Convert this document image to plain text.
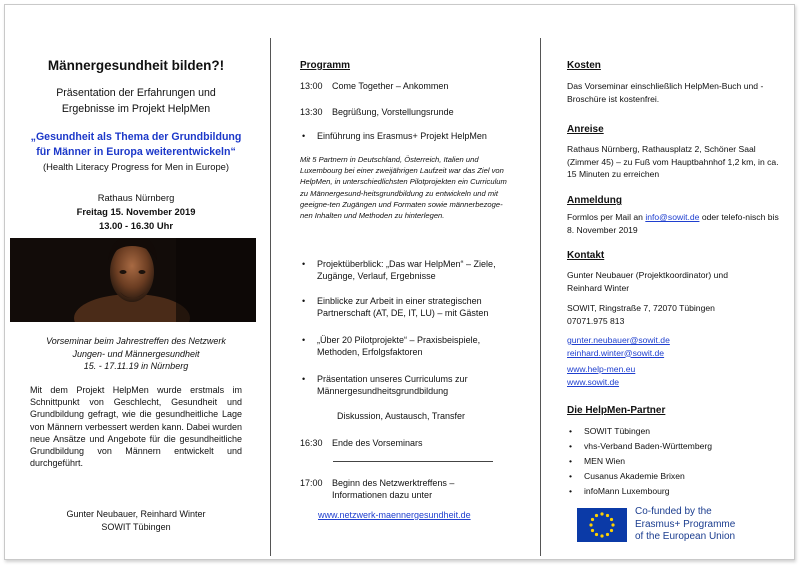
Männergesundheit bilden?!
Präsentation der Erfahrungen und
Ergebnisse im Projekt HelpMen
„Gesundheit als Thema der Grundbildung
für Männer in Europa weiterentwickeln“
(Health Literacy Progress for Men in Europe)
Rathaus Nürnberg
Freitag 15. November 2019
13.00 - 16.30 Uhr
Vorseminar beim Jahrestreffen des Netzwerk
Jungen- und Männergesundheit
15. - 17.11.19 in Nürnberg
Mit dem Projekt HelpMen wurde erstmals im Schnittpunkt von Geschlecht, Gesundheit und Grundbildung gefragt, wie die gesundheitliche Lage von Männern verbessert werden kann. Dabei wurden neue Ansätze und Angebote für die gesundheitliche Grundbildung von Männern entwickelt und durchgeführt.
Gunter Neubauer, Reinhard Winter
SOWIT Tübingen
Programm
13:00 Come Together – Ankommen
13:30 Begrüßung, Vorstellungsrunde
• Einführung ins Erasmus+ Projekt HelpMen
Mit 5 Partnern in Deutschland, Österreich, Italien und Luxembourg bei einer zweijährigen Laufzeit war das Ziel von HelpMen, in unterschiedlichsten Pilotprojekten ein Curriculum zu Männergesund-heitsgrundbildung zu entwickeln und mit geeigne-ten Zugängen und Formaten sowie männerbezoge-nen Inhalten und Methoden zu hinterlegen.
• Projektüberblick: „Das war HelpMen“ – Ziele, Zugänge, Verlauf, Ergebnisse
• Einblicke zur Arbeit in einer strategischen Partnerschaft (AT, DE, IT, LU) – mit Gästen
• „Über 20 Pilotprojekte“ – Praxisbeispiele, Methoden, Erfolgsfaktoren
• Präsentation unseres Curriculums zur Männergesundheitsgrundbildung
Diskussion, Austausch, Transfer
16:30 Ende des Vorseminars
17:00 Beginn des Netzwerktreffens – Informationen dazu unter
www.netzwerk-maennergesundheit.de
Kosten
Das Vorseminar einschließlich HelpMen-Buch und -Broschüre ist kostenfrei.
Anreise
Rathaus Nürnberg, Rathausplatz 2, Schöner Saal (Zimmer 45) – zu Fuß vom Hauptbahnhof 1,2 km, in ca. 15 Minuten zu erreichen
Anmeldung
Formlos per Mail an info@sowit.de oder telefo-nisch bis 8. November 2019
Kontakt
Gunter Neubauer (Projektkoordinator) und
Reinhard Winter
SOWIT, Ringstraße 7, 72070 Tübingen
07071.975 813
gunter.neubauer@sowit.de
reinhard.winter@sowit.de
www.help-men.eu
www.sowit.de
Die HelpMen-Partner
• SOWIT Tübingen
• vhs-Verband Baden-Württemberg
• MEN Wien
• Cusanus Akademie Brixen
• infoMann Luxembourg
Co-funded by the
Erasmus+ Programme
of the European Union
